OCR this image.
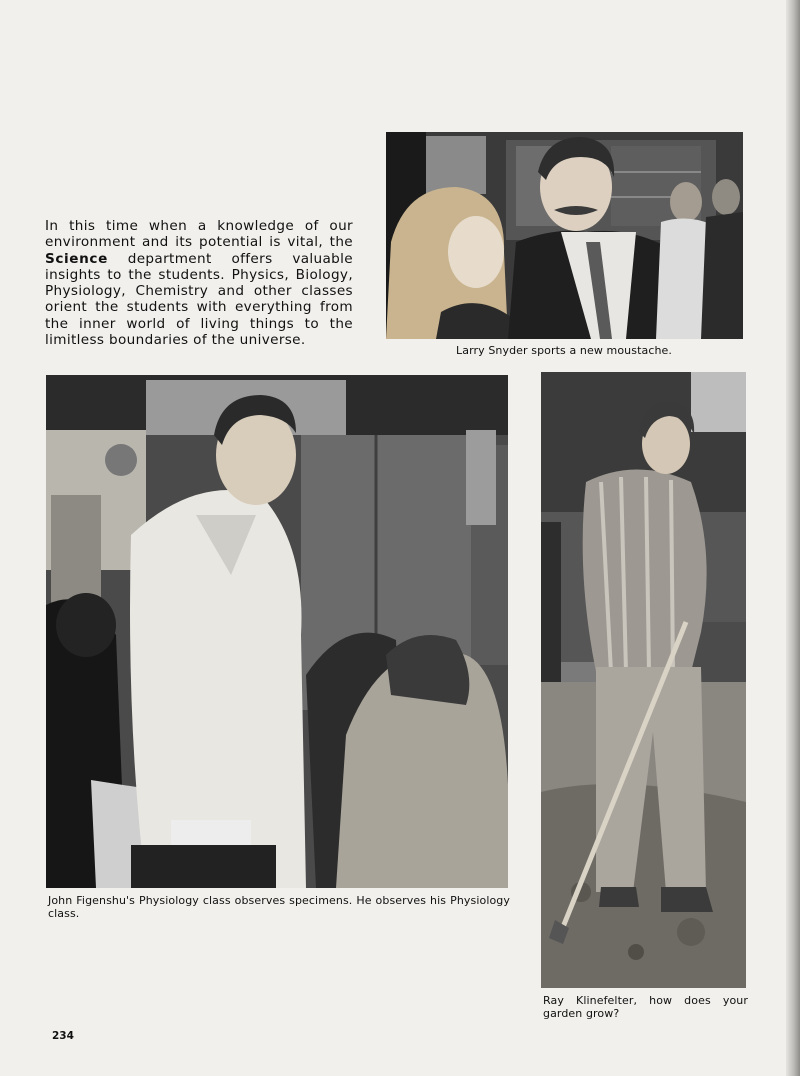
In this time when a knowledge of our environment and its potential is vital, the Science department offers valuable insights to the students. Physics, Biology, Physiology, Chemistry and other classes orient the students with everything from the inner world of living things to the limitless boundaries of the universe.

Larry Snyder sports a new moustache.

John Figenshu's Physiology class observes specimens. He observes his Physiology class.

Ray Klinefelter, how does your garden grow?

234
